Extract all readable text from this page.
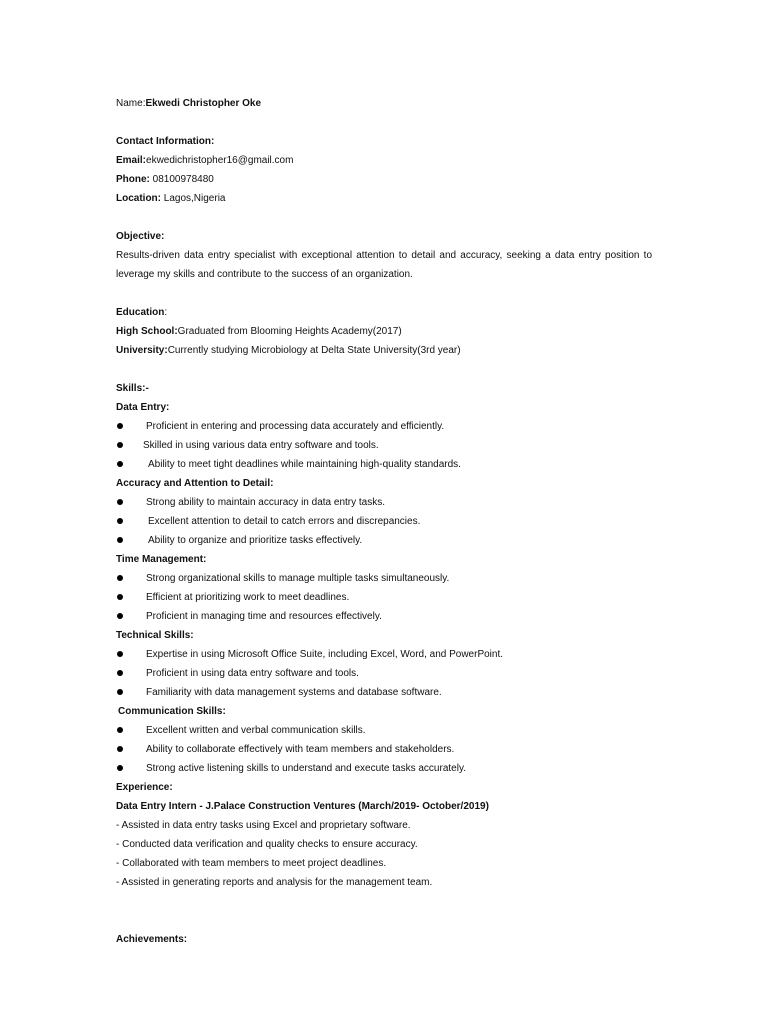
Name:Ekwedi Christopher Oke
Contact Information:
Email:ekwedichristopher16@gmail.com
Phone: 08100978480
Location: Lagos,Nigeria
Objective:
Results-driven data entry specialist with exceptional attention to detail and accuracy, seeking a data entry position to leverage my skills and contribute to the success of an organization.
Education:
High School:Graduated from Blooming Heights Academy(2017)
University:Currently studying Microbiology at Delta State University(3rd year)
Skills:-
Data Entry:
Proficient in entering and processing data accurately and efficiently.
Skilled in using various data entry software and tools.
Ability to meet tight deadlines while maintaining high-quality standards.
Accuracy and Attention to Detail:
Strong ability to maintain accuracy in data entry tasks.
Excellent attention to detail to catch errors and discrepancies.
Ability to organize and prioritize tasks effectively.
Time Management:
Strong organizational skills to manage multiple tasks simultaneously.
Efficient at prioritizing work to meet deadlines.
Proficient in managing time and resources effectively.
Technical Skills:
Expertise in using Microsoft Office Suite, including Excel, Word, and PowerPoint.
Proficient in using data entry software and tools.
Familiarity with data management systems and database software.
Communication Skills:
Excellent written and verbal communication skills.
Ability to collaborate effectively with team members and stakeholders.
Strong active listening skills to understand and execute tasks accurately.
Experience:
Data Entry Intern - J.Palace Construction Ventures (March/2019- October/2019)
- Assisted in data entry tasks using Excel and proprietary software.
- Conducted data verification and quality checks to ensure accuracy.
- Collaborated with team members to meet project deadlines.
- Assisted in generating reports and analysis for the management team.
Achievements:
